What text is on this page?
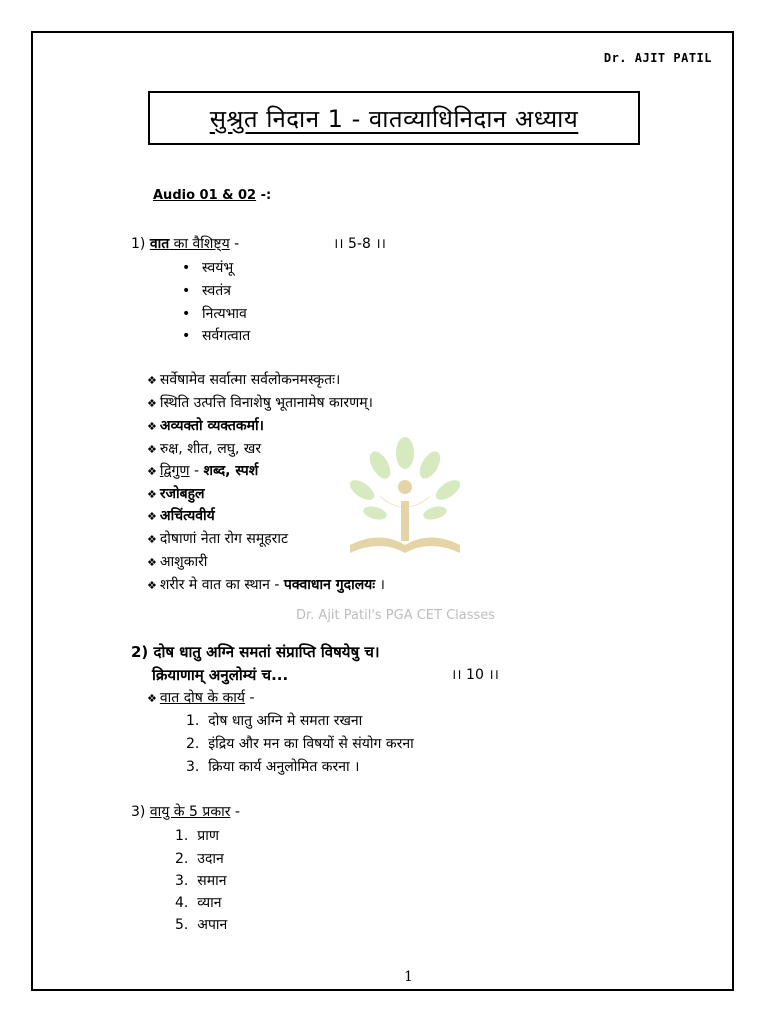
Dr. AJIT PATIL
सुश्रुत निदान 1 - वातव्याधिनिदान अध्याय
Audio 01 & 02 -:
1) वात का वैशिष्ट्य -	।। 5-8 ।।
• स्वयंभू
• स्वतंत्र
• नित्यभाव
• सर्वगत्वात
❖ सर्वेषामेव सर्वात्मा सर्वलोकनमस्कृतः।
❖ स्थिति उत्पत्ति विनाशेषु भूतानामेष कारणम्।
❖ अव्यक्तो व्यक्तकर्मा।
❖ रुक्ष, शीत, लघु, खर
❖ द्विगुण - शब्द, स्पर्श
❖ रजोबहुल
❖ अचिंत्यवीर्य
❖ दोषाणां नेता रोग समूहराट
❖ आशुकारी
❖ शरीर मे वात का स्थान - पक्वाधान गुदालयः ।
Dr. Ajit Patil's PGA CET Classes
2) दोष धातु अग्नि समतां संप्राप्ति विषयेषु च।
क्रियाणाम् अनुलोम्यं च...	।। 10 ।।
❖ वात दोष के कार्य -
1. दोष धातु अग्नि मे समता रखना
2. इंद्रिय और मन का विषयों से संयोग करना
3. क्रिया कार्य अनुलोमित करना ।
3) वायु के 5 प्रकार -
1. प्राण
2. उदान
3. समान
4. व्यान
5. अपान
1
